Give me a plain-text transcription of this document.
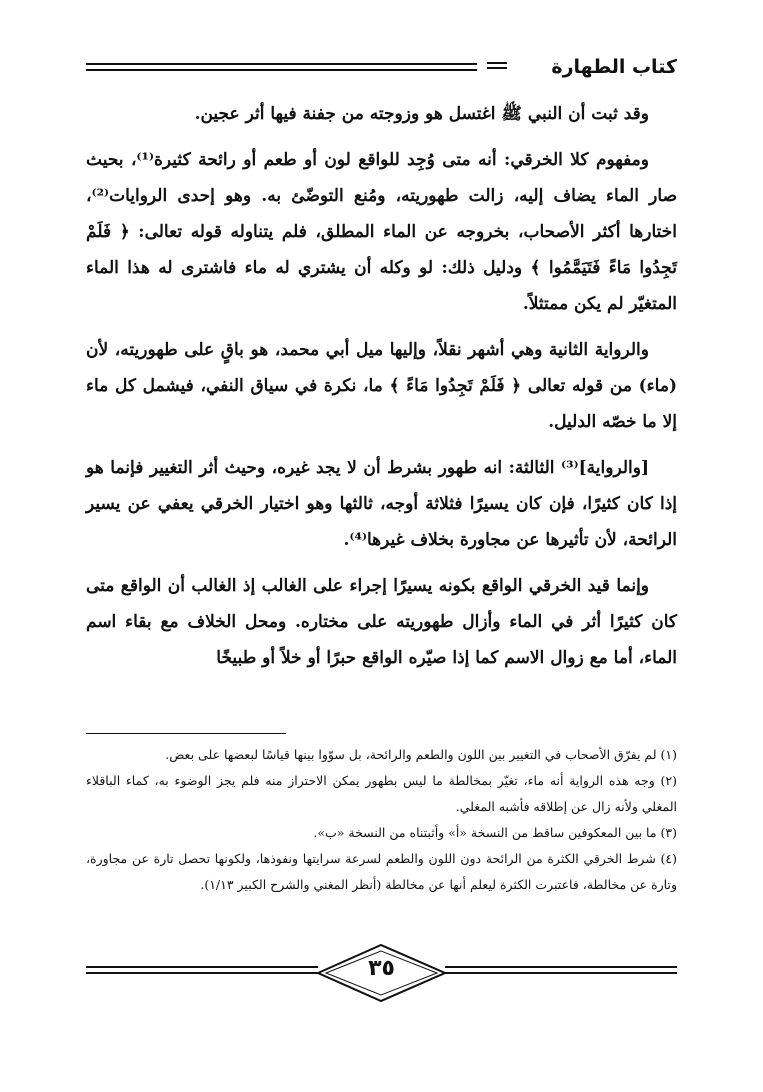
كتاب الطهارة

وقد ثبت أن النبي ﷺ اغتسل هو وزوجته من جفنة فيها أثر عجين.

ومفهوم كلا الخرقي: أنه متى وُجِد للواقع لون أو طعم أو رائحة كثيرة⁽¹⁾، بحيث صار الماء يضاف إليه، زالت طهوريته، ومُنع التوضّئ به. وهو إحدى الروايات⁽²⁾، اختارها أكثر الأصحاب، بخروجه عن الماء المطلق، فلم يتناوله قوله تعالى: ﴿ فَلَمْ تَجِدُوا مَاءً فَتَيَمَّمُوا ﴾ ودليل ذلك: لو وكله أن يشتري له ماء فاشترى له هذا الماء المتغيّر لم يكن ممتثلاً.

والرواية الثانية وهي أشهر نقلاً، وإليها ميل أبي محمد، هو باقٍ على طهوريته، لأن (ماء) من قوله تعالى ﴿ فَلَمْ تَجِدُوا مَاءً ﴾ ما، نكرة في سياق النفي، فيشمل كل ماء إلا ما خصّه الدليل.

[والرواية]⁽³⁾ الثالثة: انه طهور بشرط أن لا يجد غيره، وحيث أثر التغيير فإنما هو إذا كان كثيرًا، فإن كان يسيرًا فثلاثة أوجه، ثالثها وهو اختيار الخرقي يعفي عن يسير الرائحة، لأن تأثيرها عن مجاورة بخلاف غيرها⁽⁴⁾.

وإنما قيد الخرقي الواقع بكونه يسيرًا إجراء على الغالب إذ الغالب أن الواقع متى كان كثيرًا أثر في الماء وأزال طهوريته على مختاره. ومحل الخلاف مع بقاء اسم الماء، أما مع زوال الاسم كما إذا صيّره الواقع حبرًا أو خلاً أو طبيخًا

(١) لم يفرّق الأصحاب في التغيير بين اللون والطعم والرائحة، بل سوّوا بينها قياسًا لبعضها على بعض.

(٢) وجه هذه الرواية أنه ماء، تغيّر بمخالطة ما ليس بطهور يمكن الاحتراز منه فلم يجز الوضوء به، كماء الباقلاء المغلي ولأنه زال عن إطلاقه فأشبه المغلي.

(٣) ما بين المعكوفين ساقط من النسخة «أ» وأثبتناه من النسخة «ب».

(٤) شرط الخرقي الكثرة من الرائحة دون اللون والطعم لسرعة سرايتها ونفوذها، ولكونها تحصل تارة عن مجاورة، وتارة عن مخالطة، فاعتبرت الكثرة ليعلم أنها عن مخالطة (أنظر المغني والشرح الكبير ١/١٣).

٣٥
